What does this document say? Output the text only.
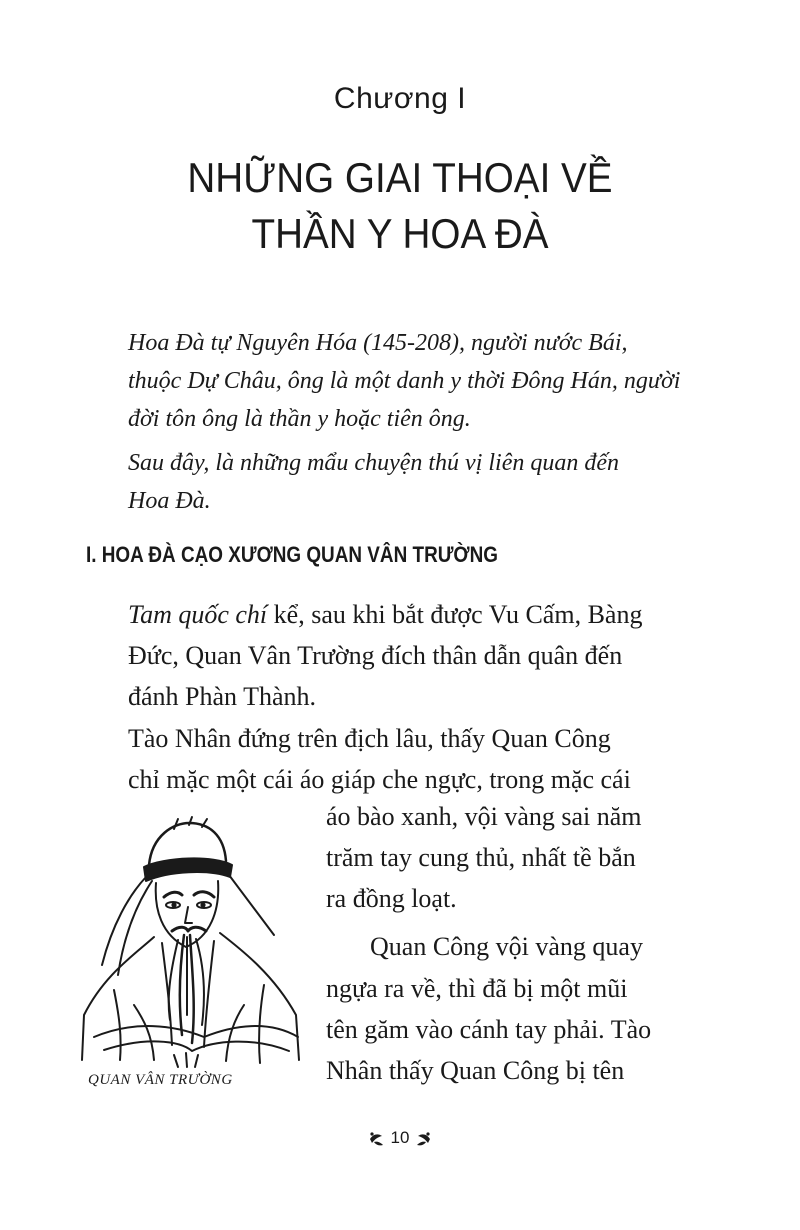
Chương I
NHỮNG GIAI THOẠI VỀ
THẦN Y HOA ĐÀ

Hoa Đà tự Nguyên Hóa (145-208), người nước Bái,
thuộc Dự Châu, ông là một danh y thời Đông Hán, người
đời tôn ông là thần y hoặc tiên ông.

Sau đây, là những mẩu chuyện thú vị liên quan đến
Hoa Đà.

I. HOA ĐÀ CẠO XƯƠNG QUAN VÂN TRƯỜNG
Tam quốc chí kể, sau khi bắt được Vu Cấm, Bàng
Đức, Quan Vân Trường đích thân dẫn quân đến
đánh Phàn Thành.
Tào Nhân đứng trên địch lâu, thấy Quan Công
chỉ mặc một cái áo giáp che ngực, trong mặc cái
áo bào xanh, vội vàng sai năm
trăm tay cung thủ, nhất tề bắn
ra đồng loạt.
Quan Công vội vàng quay
ngựa ra về, thì đã bị một mũi
tên găm vào cánh tay phải. Tào
Nhân thấy Quan Công bị tên
QUAN VÂN TRƯỜNG
10
